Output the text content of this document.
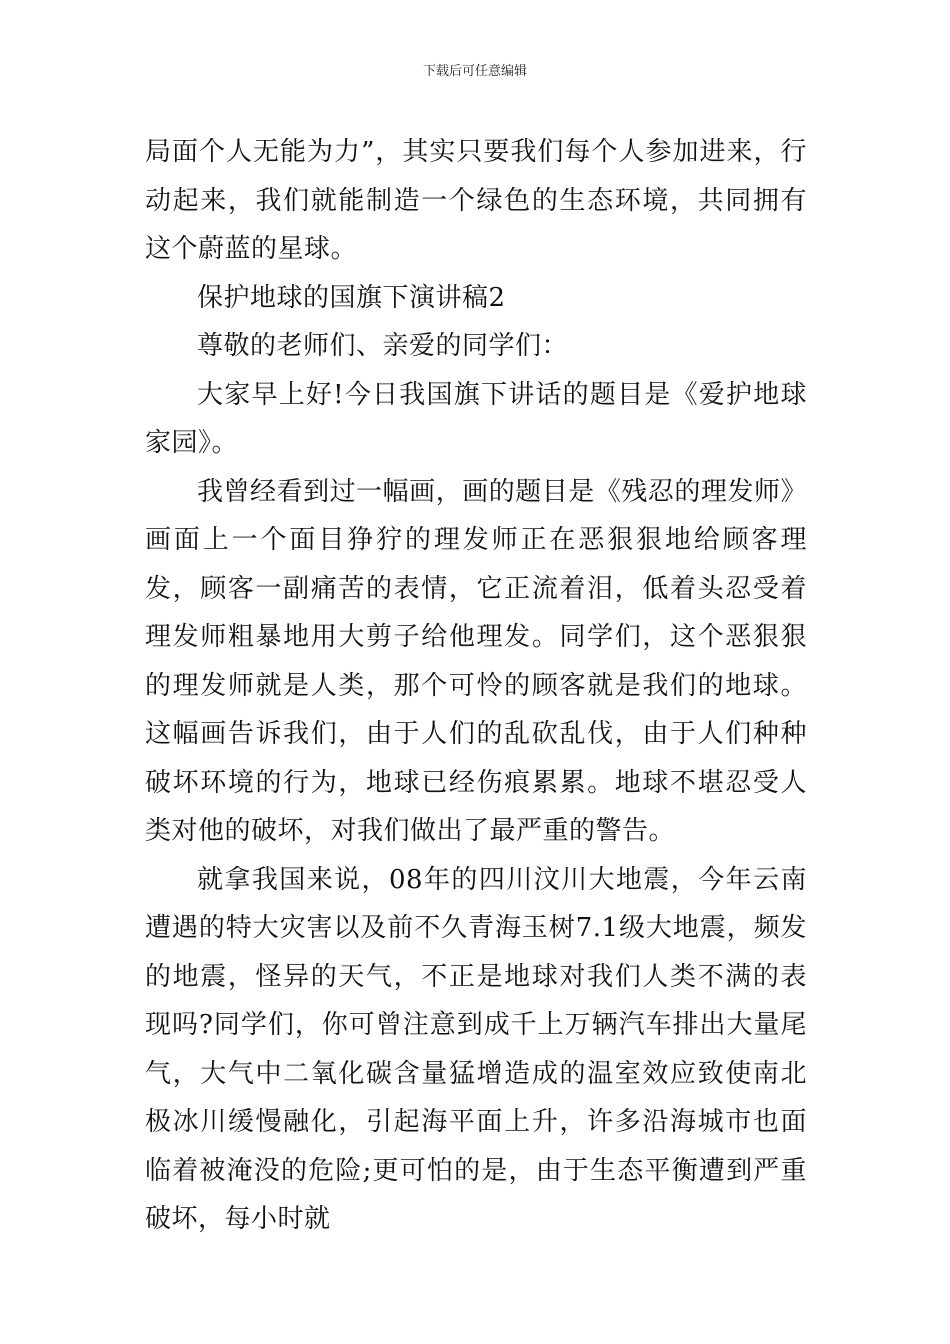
下载后可任意编辑

局面个人无能为力”，其实只要我们每个人参加进来，行动起来，我们就能制造一个绿色的生态环境，共同拥有这个蔚蓝的星球。

保护地球的国旗下演讲稿2

尊敬的老师们、亲爱的同学们：

大家早上好!今日我国旗下讲话的题目是《爱护地球家园》。

我曾经看到过一幅画，画的题目是《残忍的理发师》画面上一个面目狰狞的理发师正在恶狠狠地给顾客理发，顾客一副痛苦的表情，它正流着泪，低着头忍受着理发师粗暴地用大剪子给他理发。同学们，这个恶狠狠的理发师就是人类，那个可怜的顾客就是我们的地球。这幅画告诉我们，由于人们的乱砍乱伐，由于人们种种破坏环境的行为，地球已经伤痕累累。地球不堪忍受人类对他的破坏，对我们做出了最严重的警告。

就拿我国来说，08年的四川汶川大地震，今年云南遭遇的特大灾害以及前不久青海玉树7.1级大地震，频发的地震，怪异的天气，不正是地球对我们人类不满的表现吗?同学们，你可曾注意到成千上万辆汽车排出大量尾气，大气中二氧化碳含量猛增造成的温室效应致使南北极冰川缓慢融化，引起海平面上升，许多沿海城市也面临着被淹没的危险;更可怕的是，由于生态平衡遭到严重破坏，每小时就
